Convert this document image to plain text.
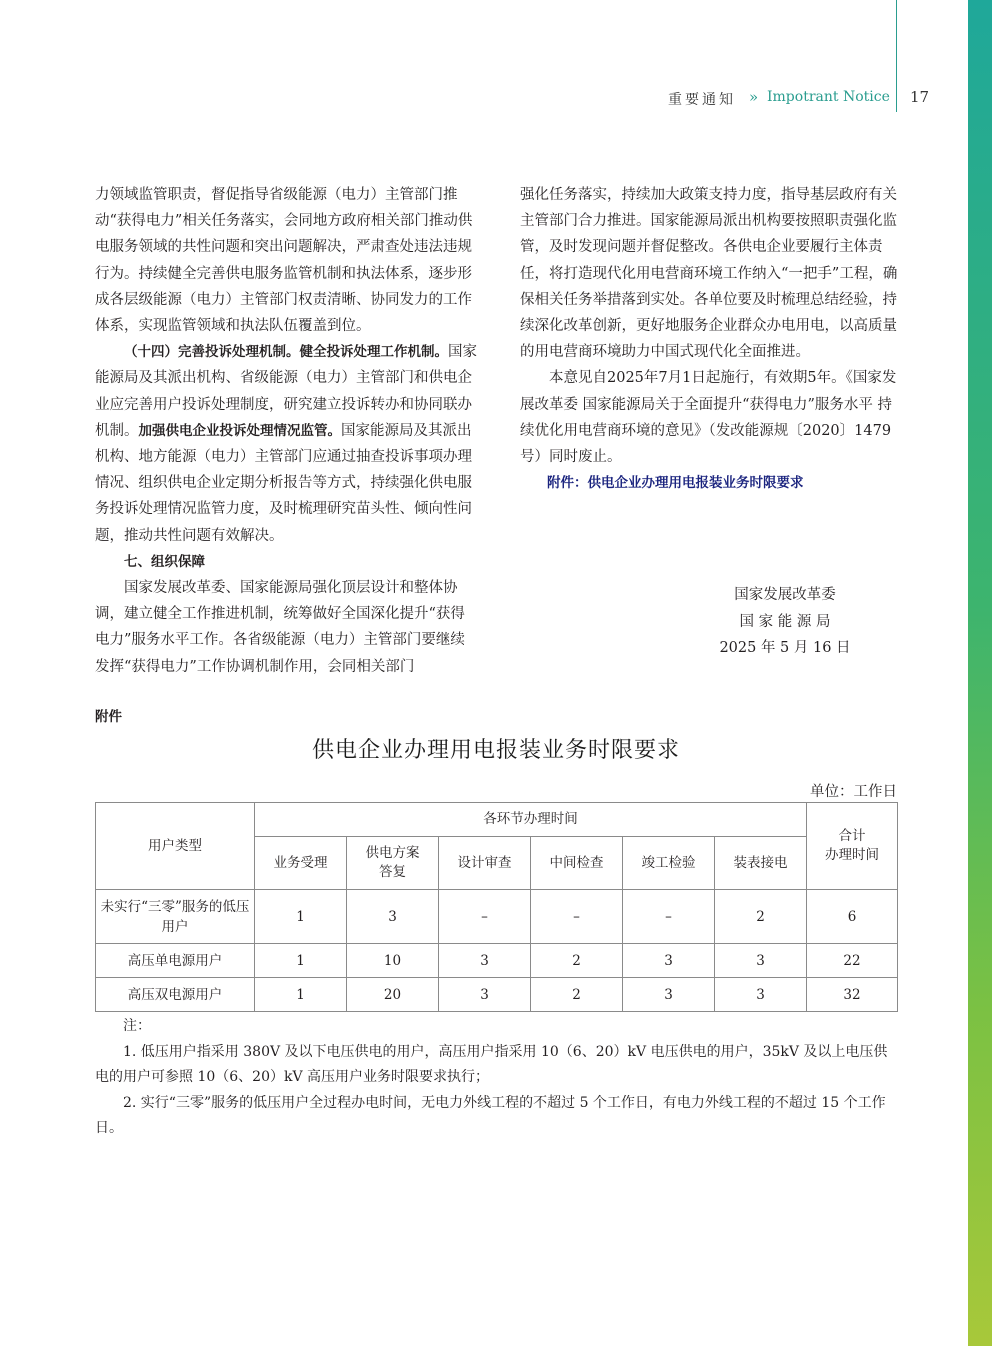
重要通知 » Impotrant Notice 17

力领域监管职责，督促指导省级能源（电力）主管部门推动“获得电力”相关任务落实，会同地方政府相关部门推动供电服务领域的共性问题和突出问题解决，严肃查处违法违规行为。持续健全完善供电服务监管机制和执法体系，逐步形成各层级能源（电力）主管部门权责清晰、协同发力的工作体系，实现监管领域和执法队伍覆盖到位。

（十四）完善投诉处理机制。健全投诉处理工作机制。国家能源局及其派出机构、省级能源（电力）主管部门和供电企业应完善用户投诉处理制度，研究建立投诉转办和协同联办机制。加强供电企业投诉处理情况监管。国家能源局及其派出机构、地方能源（电力）主管部门应通过抽查投诉事项办理情况、组织供电企业定期分析报告等方式，持续强化供电服务投诉处理情况监管力度，及时梳理研究苗头性、倾向性问题，推动共性问题有效解决。

七、组织保障

国家发展改革委、国家能源局强化顶层设计和整体协调，建立健全工作推进机制，统筹做好全国深化提升“获得电力”服务水平工作。各省级能源（电力）主管部门要继续发挥“获得电力”工作协调机制作用，会同相关部门

强化任务落实，持续加大政策支持力度，指导基层政府有关主管部门合力推进。国家能源局派出机构要按照职责强化监管，及时发现问题并督促整改。各供电企业要履行主体责任，将打造现代化用电营商环境工作纳入“一把手”工程，确保相关任务举措落到实处。各单位要及时梳理总结经验，持续深化改革创新，更好地服务企业群众办电用电，以高质量的用电营商环境助力中国式现代化全面推进。

本意见自2025年7月1日起施行，有效期5年。《国家发展改革委 国家能源局关于全面提升“获得电力”服务水平 持续优化用电营商环境的意见》（发改能源规〔2020〕1479号）同时废止。

附件：供电企业办理用电报装业务时限要求

国家发展改革委
国 家 能 源 局
2025 年 5 月 16 日
附件
供电企业办理用电报装业务时限要求
单位：工作日
用户类型	各环节办理时间						合计
办理时间
	业务受理	供电方案
答复	设计审查	中间检查	竣工检验	装表接电	
未实行“三零”服务的低压用户	1	3	–	–	–	2	6
高压单电源用户	1	10	3	2	3	3	22
高压双电源用户	1	20	3	2	3	3	32

注：

1. 低压用户指采用 380V 及以下电压供电的用户，高压用户指采用 10（6、20）kV 电压供电的用户，35kV 及以上电压供电的用户可参照 10（6、20）kV 高压用户业务时限要求执行；

2. 实行“三零”服务的低压用户全过程办电时间，无电力外线工程的不超过 5 个工作日，有电力外线工程的不超过 15 个工作日。
